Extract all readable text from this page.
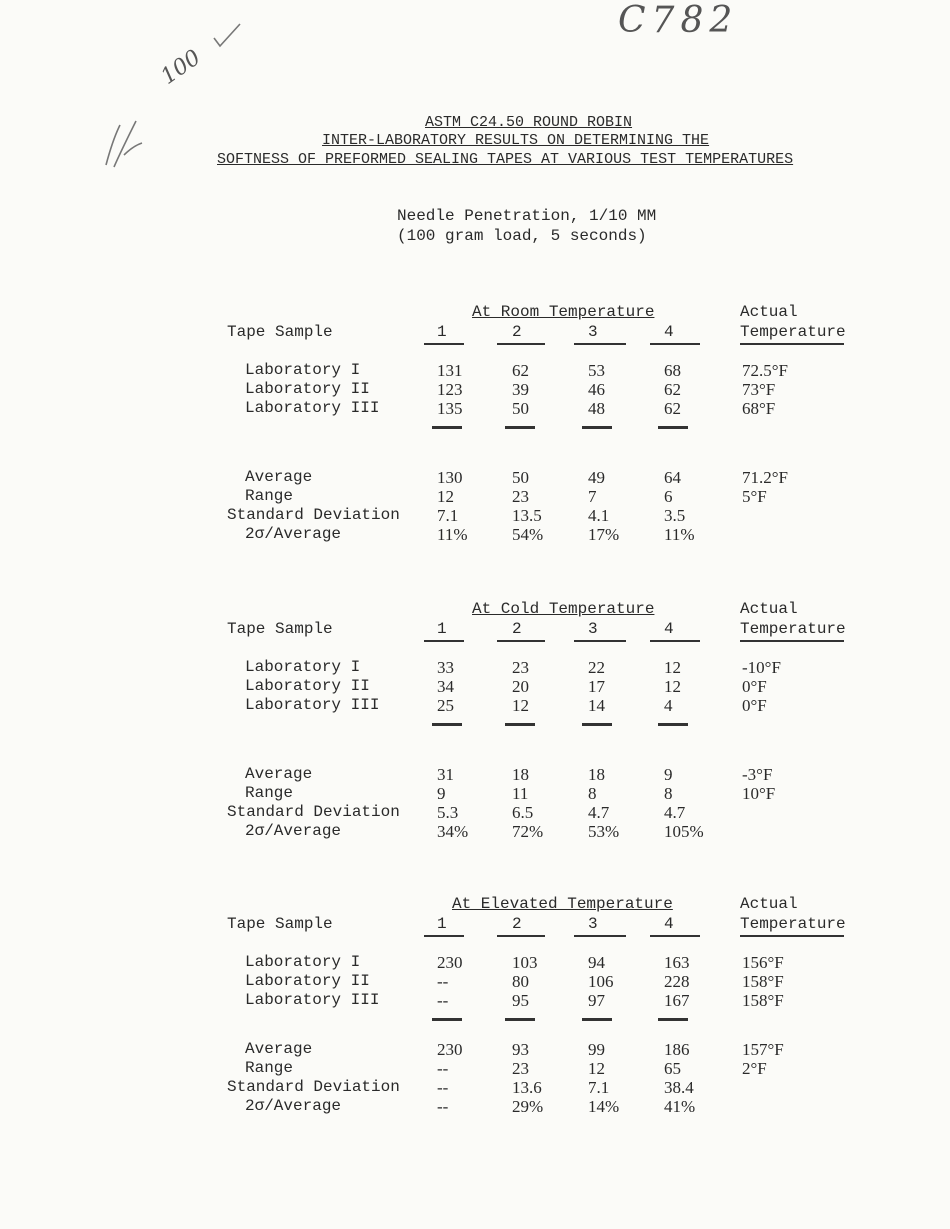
C782
100
ASTM C24.50 ROUND ROBIN
INTER-LABORATORY RESULTS ON DETERMINING THE
SOFTNESS OF PREFORMED SEALING TAPES AT VARIOUS TEST TEMPERATURES
Needle Penetration, 1/10 MM
(100 gram load, 5 seconds)
At Room Temperature	Actual
Tape Sample	Temperature
1	2	3	4
Laboratory I	131	62	53	68	72.5°F
Laboratory II	123	39	46	62	73°F
Laboratory III	135	50	48	62	68°F
Average	130	50	49	64	71.2°F
Range	12	23	7	6	5°F
Standard Deviation 7.1	13.5	4.1	3.5
2σ/Average	11%	54%	17%	11%
At Cold Temperature	Actual
Tape Sample	Temperature
1	2	3	4
Laboratory I	33	23	22	12	-10°F
Laboratory II	34	20	17	12	0°F
Laboratory III	25	12	14	4	0°F
Average	31	18	18	9	-3°F
Range	9	11	8	8	10°F
Standard Deviation 5.3	6.5	4.7	4.7
2σ/Average	34%	72%	53%	105%
At Elevated Temperature	Actual
Tape Sample	Temperature
1	2	3	4
Laboratory I	230	103	94	163	156°F
Laboratory II	--	80	106	228	158°F
Laboratory III	--	95	97	167	158°F
Average	230	93	99	186	157°F
Range	--	23	12	65	2°F
Standard Deviation --	13.6	7.1	38.4
2σ/Average	--	29%	14%	41%
